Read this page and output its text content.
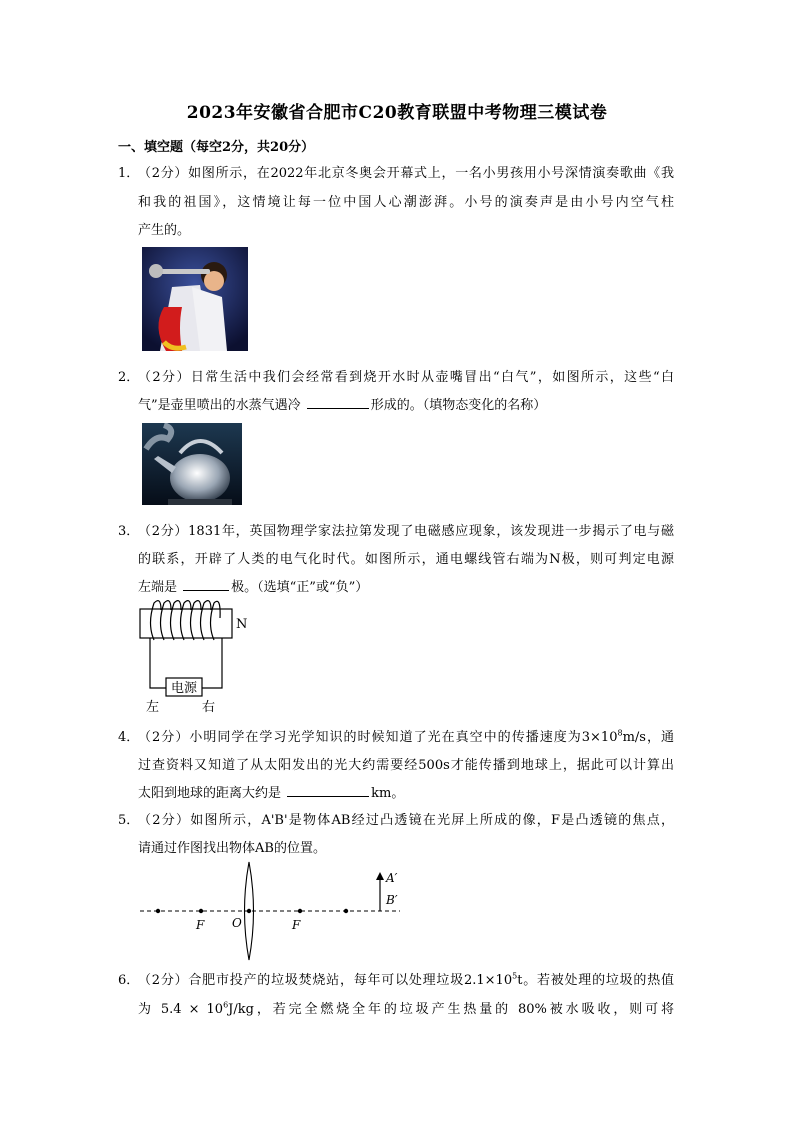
2023年安徽省合肥市C20教育联盟中考物理三模试卷
一、填空题（每空2分，共20分）
1．
（2分）如图所示，在2022年北京冬奥会开幕式上，一名小男孩用小号深情演奏歌曲《我
和我的祖国》，这情境让每一位中国人心潮澎湃。小号的演奏声是由小号内空气柱
产生的。
2．
（2分）日常生活中我们会经常看到烧开水时从壶嘴冒出“白气”，如图所示，这些“白
气”是壶里喷出的水蒸气遇冷	形成的。（填物态变化的名称）
3．
（2分）1831年，英国物理学家法拉第发现了电磁感应现象，该发现进一步揭示了电与磁
的联系，开辟了人类的电气化时代。如图所示，通电螺线管右端为N极，则可判定电源
左端是	极。（选填“正”或“负”）
电源
N
左	右
4．
（2分）小明同学在学习光学知识的时候知道了光在真空中的传播速度为$3\times 10^8m/s$，通
过查资料又知道了从太阳发出的光大约需要经500s才能传播到地球上，据此可以计算出
太阳到地球的距离大约是	km。
5．
（2分）如图所示，A'B'是物体AB经过凸透镜在光屏上所成的像，F是凸透镜的焦点，
请通过作图找出物体AB的位置。
A′
B′
F O	F
6．
（2分）合肥市投产的垃圾焚烧站，每年可以处理垃圾$2.1\times 10^5t$。若被处理的垃圾的热值
为 $5.4 \times 10^6J/kg$，若完全燃烧全年的垃圾产生热量的 80%被水吸收，则可将
